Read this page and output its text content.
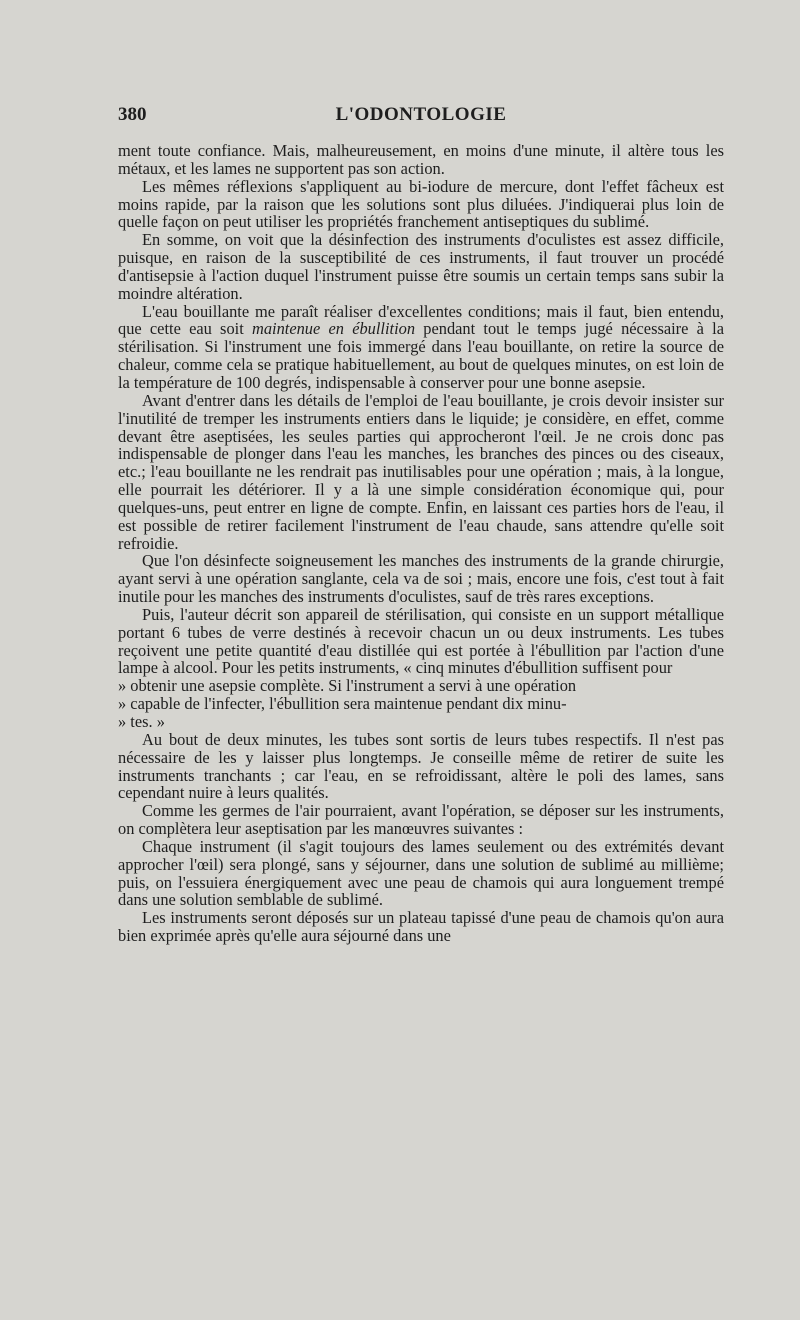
380	L'ODONTOLOGIE

ment toute confiance. Mais, malheureusement, en moins d'une minute, il altère tous les métaux, et les lames ne supportent pas son action.

Les mêmes réflexions s'appliquent au bi-iodure de mercure, dont l'effet fâcheux est moins rapide, par la raison que les solutions sont plus diluées. J'indiquerai plus loin de quelle façon on peut utiliser les propriétés franchement antiseptiques du sublimé.

En somme, on voit que la désinfection des instruments d'oculistes est assez difficile, puisque, en raison de la susceptibilité de ces instruments, il faut trouver un procédé d'antisepsie à l'action duquel l'instrument puisse être soumis un certain temps sans subir la moindre altération.

L'eau bouillante me paraît réaliser d'excellentes conditions; mais il faut, bien entendu, que cette eau soit maintenue en ébullition pendant tout le temps jugé nécessaire à la stérilisation. Si l'instrument une fois immergé dans l'eau bouillante, on retire la source de chaleur, comme cela se pratique habituellement, au bout de quelques minutes, on est loin de la température de 100 degrés, indispensable à conserver pour une bonne asepsie.

Avant d'entrer dans les détails de l'emploi de l'eau bouillante, je crois devoir insister sur l'inutilité de tremper les instruments entiers dans le liquide; je considère, en effet, comme devant être aseptisées, les seules parties qui approcheront l'œil. Je ne crois donc pas indispensable de plonger dans l'eau les manches, les branches des pinces ou des ciseaux, etc.; l'eau bouillante ne les rendrait pas inutilisables pour une opération ; mais, à la longue, elle pourrait les détériorer. Il y a là une simple considération économique qui, pour quelques-uns, peut entrer en ligne de compte. Enfin, en laissant ces parties hors de l'eau, il est possible de retirer facilement l'instrument de l'eau chaude, sans attendre qu'elle soit refroidie.

Que l'on désinfecte soigneusement les manches des instruments de la grande chirurgie, ayant servi à une opération sanglante, cela va de soi ; mais, encore une fois, c'est tout à fait inutile pour les manches des instruments d'oculistes, sauf de très rares exceptions.

Puis, l'auteur décrit son appareil de stérilisation, qui consiste en un support métallique portant 6 tubes de verre destinés à recevoir chacun un ou deux instruments. Les tubes reçoivent une petite quantité d'eau distillée qui est portée à l'ébullition par l'action d'une lampe à alcool. Pour les petits instruments, « cinq minutes d'ébullition suffisent pour

» obtenir une asepsie complète. Si l'instrument a servi à une opération

» capable de l'infecter, l'ébullition sera maintenue pendant dix minu-

» tes. »

Au bout de deux minutes, les tubes sont sortis de leurs tubes respectifs. Il n'est pas nécessaire de les y laisser plus longtemps. Je conseille même de retirer de suite les instruments tranchants ; car l'eau, en se refroidissant, altère le poli des lames, sans cependant nuire à leurs qualités.

Comme les germes de l'air pourraient, avant l'opération, se déposer sur les instruments, on complètera leur aseptisation par les manœuvres suivantes :

Chaque instrument (il s'agit toujours des lames seulement ou des extrémités devant approcher l'œil) sera plongé, sans y séjourner, dans une solution de sublimé au millième; puis, on l'essuiera énergiquement avec une peau de chamois qui aura longuement trempé dans une solution semblable de sublimé.

Les instruments seront déposés sur un plateau tapissé d'une peau de chamois qu'on aura bien exprimée après qu'elle aura séjourné dans une
